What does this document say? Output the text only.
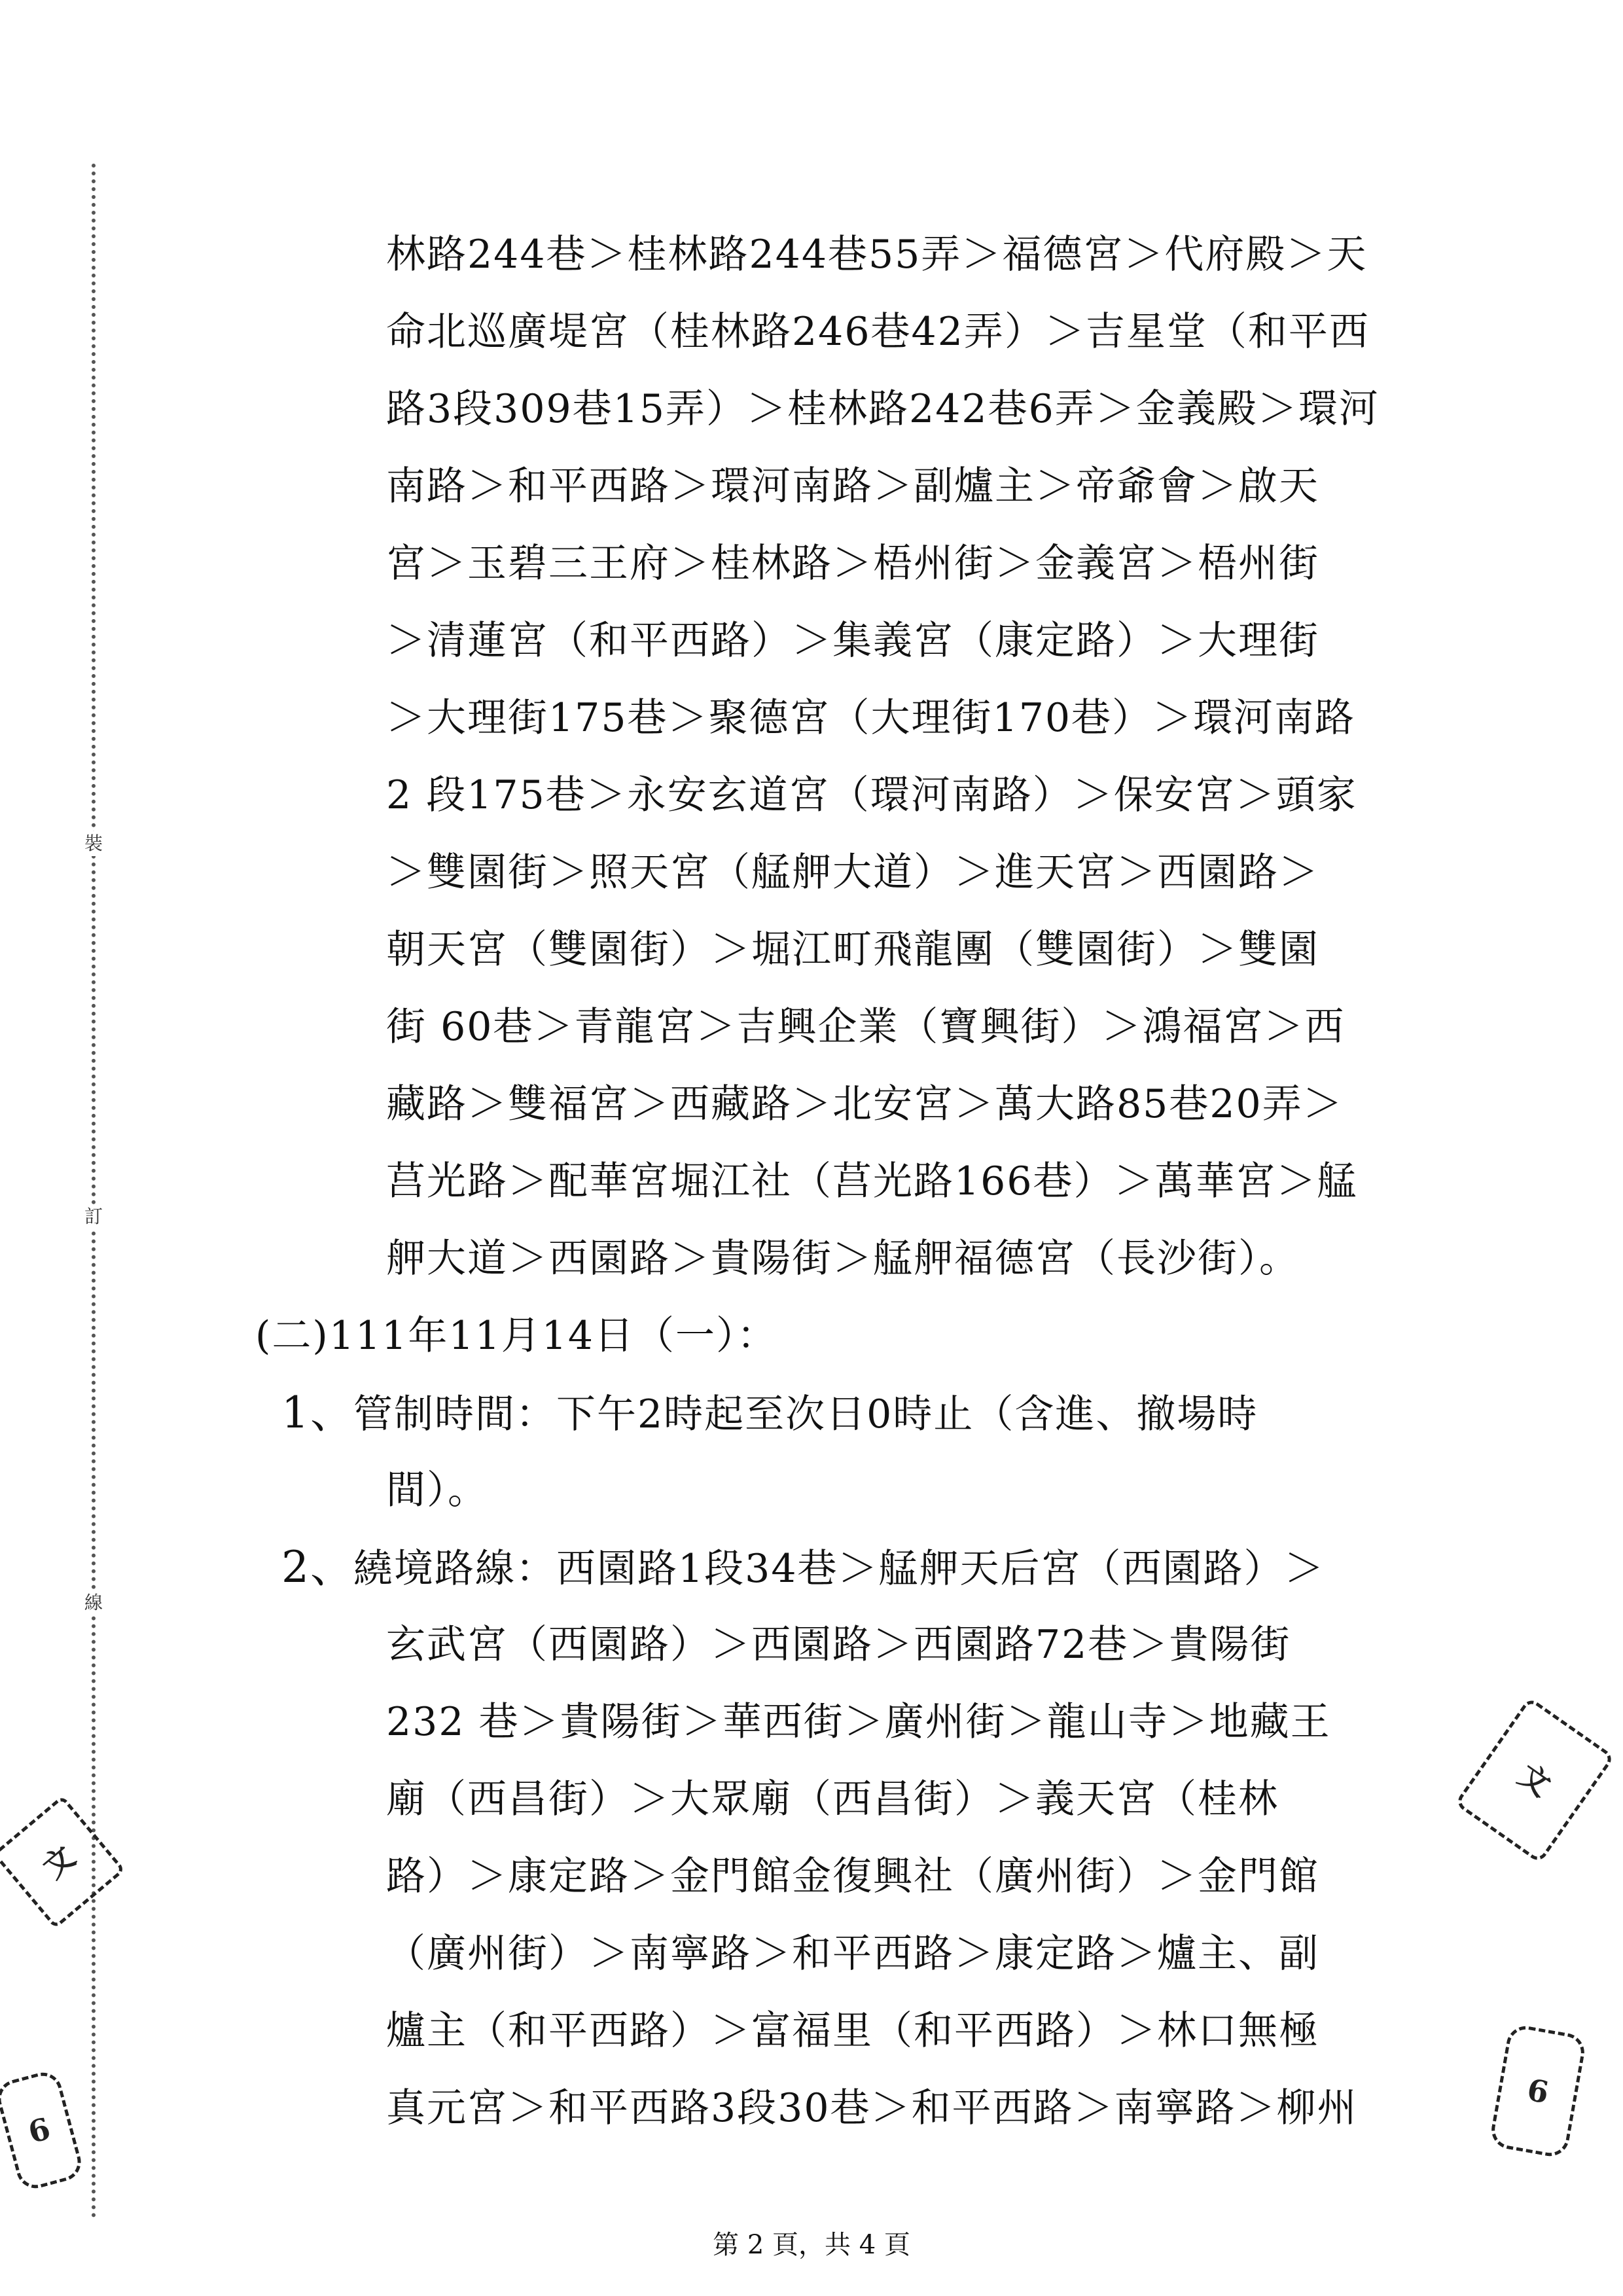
裝
訂
線
林路244巷＞桂林路244巷55弄＞福德宮＞代府殿＞天
命北巡廣堤宮（桂林路246巷42弄）＞吉星堂（和平西
路3段309巷15弄）＞桂林路242巷6弄＞金義殿＞環河
南路＞和平西路＞環河南路＞副爐主＞帝爺會＞啟天
宮＞玉碧三王府＞桂林路＞梧州街＞金義宮＞梧州街
＞清蓮宮（和平西路）＞集義宮（康定路）＞大理街
＞大理街175巷＞聚德宮（大理街170巷）＞環河南路
2 段175巷＞永安玄道宮（環河南路）＞保安宮＞頭家
＞雙園街＞照天宮（艋舺大道）＞進天宮＞西園路＞
朝天宮（雙園街）＞堀江町飛龍團（雙園街）＞雙園
街 60巷＞青龍宮＞吉興企業（寶興街）＞鴻福宮＞西
藏路＞雙福宮＞西藏路＞北安宮＞萬大路85巷20弄＞
莒光路＞配華宮堀江社（莒光路166巷）＞萬華宮＞艋
舺大道＞西園路＞貴陽街＞艋舺福德宮（長沙街）。
(二)111年11月14日（一）：
1、管制時間：下午2時起至次日0時止（含進、撤場時
間）。
2、繞境路線：西園路1段34巷＞艋舺天后宮（西園路）＞
玄武宮（西園路）＞西園路＞西園路72巷＞貴陽街
232 巷＞貴陽街＞華西街＞廣州街＞龍山寺＞地藏王
廟（西昌街）＞大眾廟（西昌街）＞義天宮（桂林
路）＞康定路＞金門館金復興社（廣州街）＞金門館
（廣州街）＞南寧路＞和平西路＞康定路＞爐主、副
爐主（和平西路）＞富福里（和平西路）＞林口無極
真元宮＞和平西路3段30巷＞和平西路＞南寧路＞柳州
文
6
文
6
第 2 頁，共 4 頁
